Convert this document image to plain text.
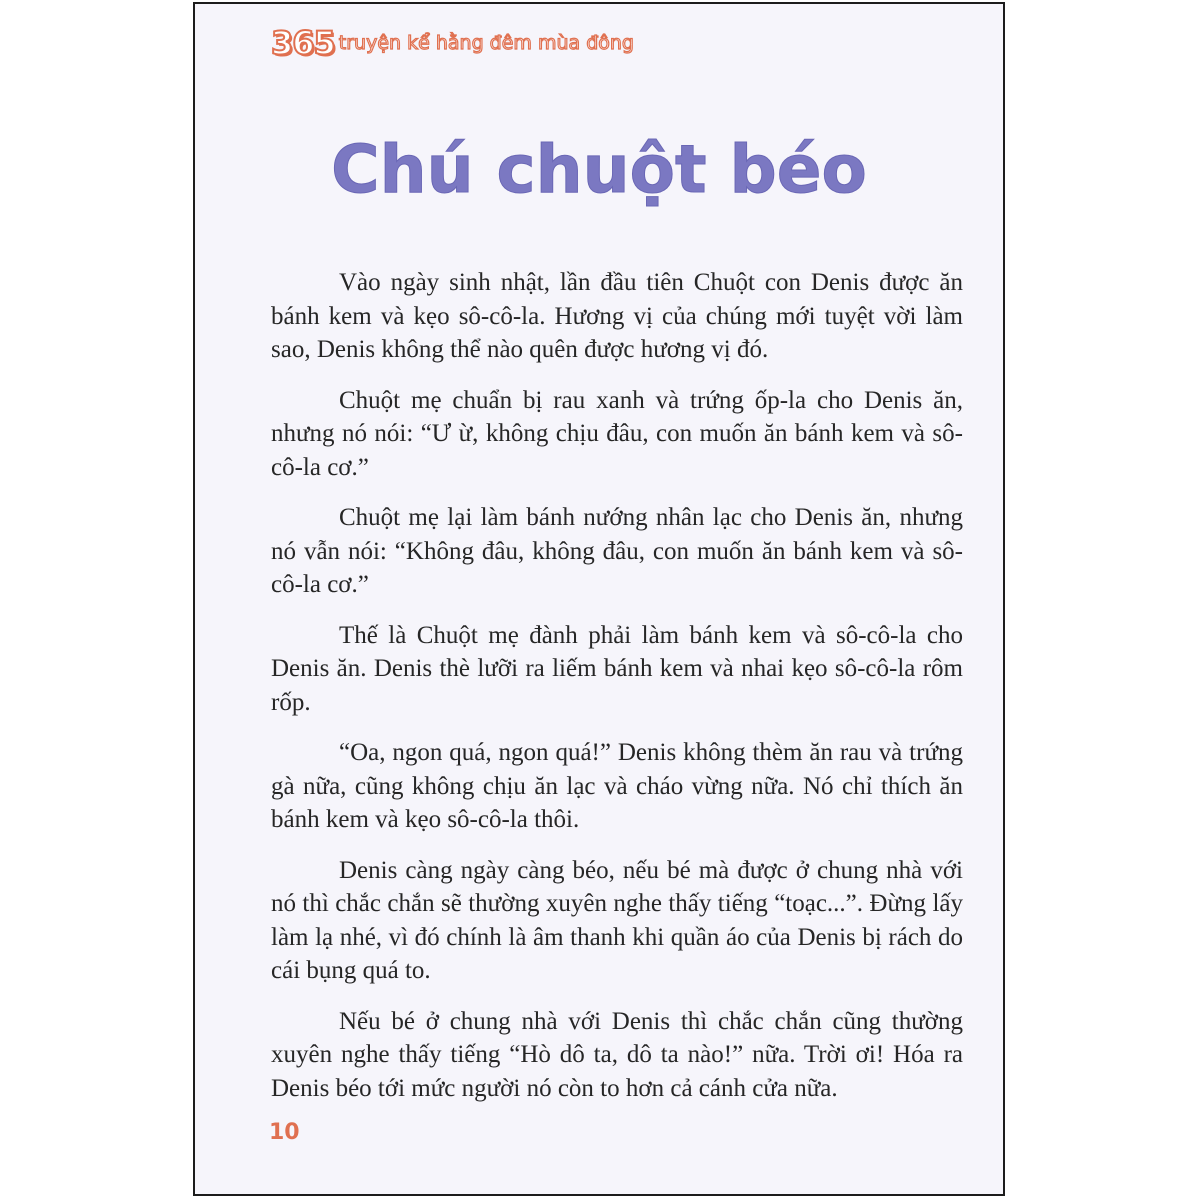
365 truyện kể hằng đêm mùa đông
Chú chuột béo

Vào ngày sinh nhật, lần đầu tiên Chuột con Denis được ăn bánh kem và kẹo sô-cô-la. Hương vị của chúng mới tuyệt vời làm sao, Denis không thể nào quên được hương vị đó.

Chuột mẹ chuẩn bị rau xanh và trứng ốp-la cho Denis ăn, nhưng nó nói: “Ư ừ, không chịu đâu, con muốn ăn bánh kem và sô-cô-la cơ.”

Chuột mẹ lại làm bánh nướng nhân lạc cho Denis ăn, nhưng nó vẫn nói: “Không đâu, không đâu, con muốn ăn bánh kem và sô-cô-la cơ.”

Thế là Chuột mẹ đành phải làm bánh kem và sô-cô-la cho Denis ăn. Denis thè lưỡi ra liếm bánh kem và nhai kẹo sô-cô-la rôm rốp.

“Oa, ngon quá, ngon quá!” Denis không thèm ăn rau và trứng gà nữa, cũng không chịu ăn lạc và cháo vừng nữa. Nó chỉ thích ăn bánh kem và kẹo sô-cô-la thôi.

Denis càng ngày càng béo, nếu bé mà được ở chung nhà với nó thì chắc chắn sẽ thường xuyên nghe thấy tiếng “toạc...”. Đừng lấy làm lạ nhé, vì đó chính là âm thanh khi quần áo của Denis bị rách do cái bụng quá to.

Nếu bé ở chung nhà với Denis thì chắc chắn cũng thường xuyên nghe thấy tiếng “Hò dô ta, dô ta nào!” nữa. Trời ơi! Hóa ra Denis béo tới mức người nó còn to hơn cả cánh cửa nữa.

10
